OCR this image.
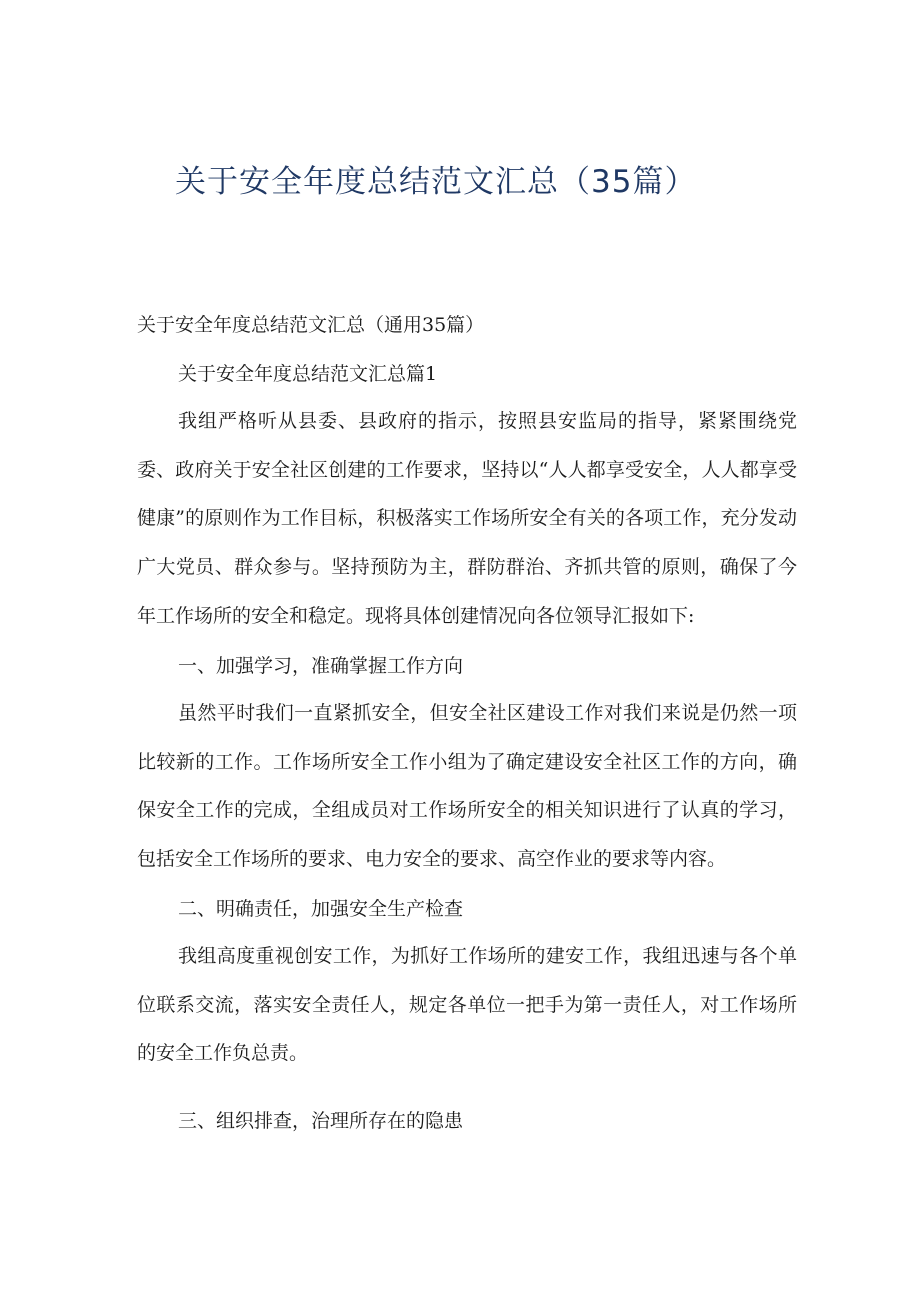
关于安全年度总结范文汇总（35篇）

关于安全年度总结范文汇总（通用35篇）

关于安全年度总结范文汇总篇1

我组严格听从县委、县政府的指示，按照县安监局的指导，紧紧围绕党委、政府关于安全社区创建的工作要求，坚持以“人人都享受安全，人人都享受健康”的原则作为工作目标，积极落实工作场所安全有关的各项工作，充分发动广大党员、群众参与。坚持预防为主，群防群治、齐抓共管的原则，确保了今年工作场所的安全和稳定。现将具体创建情况向各位领导汇报如下:

一、加强学习，准确掌握工作方向

虽然平时我们一直紧抓安全，但安全社区建设工作对我们来说是仍然一项比较新的工作。工作场所安全工作小组为了确定建设安全社区工作的方向，确保安全工作的完成，全组成员对工作场所安全的相关知识进行了认真的学习，包括安全工作场所的要求、电力安全的要求、高空作业的要求等内容。

二、明确责任，加强安全生产检查

我组高度重视创安工作，为抓好工作场所的建安工作，我组迅速与各个单位联系交流，落实安全责任人，规定各单位一把手为第一责任人，对工作场所的安全工作负总责。

三、组织排查，治理所存在的隐患
